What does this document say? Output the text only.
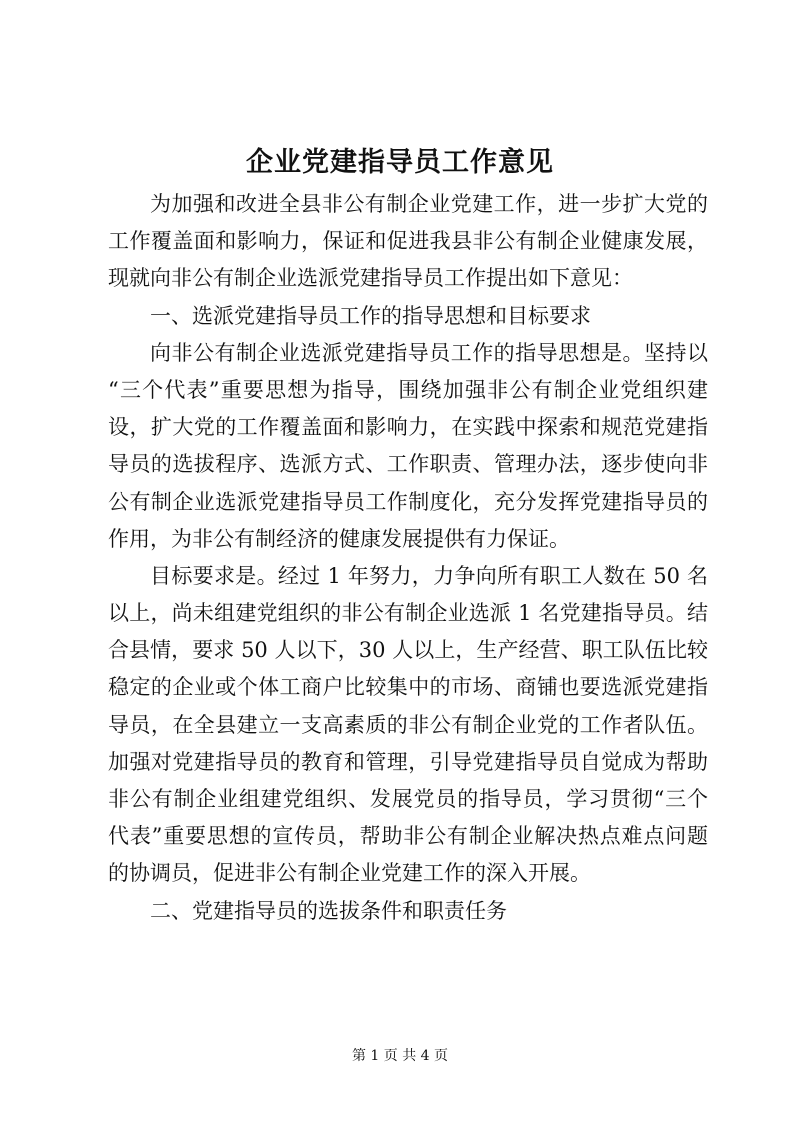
企业党建指导员工作意见
为加强和改进全县非公有制企业党建工作，进一步扩大党的
工作覆盖面和影响力，保证和促进我县非公有制企业健康发展，
现就向非公有制企业选派党建指导员工作提出如下意见：
一、选派党建指导员工作的指导思想和目标要求
向非公有制企业选派党建指导员工作的指导思想是。坚持以
“三个代表”重要思想为指导，围绕加强非公有制企业党组织建
设，扩大党的工作覆盖面和影响力，在实践中探索和规范党建指
导员的选拔程序、选派方式、工作职责、管理办法，逐步使向非
公有制企业选派党建指导员工作制度化，充分发挥党建指导员的
作用，为非公有制经济的健康发展提供有力保证。
目标要求是。经过 1 年努力，力争向所有职工人数在 50 名
以上，尚未组建党组织的非公有制企业选派 1 名党建指导员。结
合县情，要求 50 人以下，30 人以上，生产经营、职工队伍比较
稳定的企业或个体工商户比较集中的市场、商铺也要选派党建指
导员，在全县建立一支高素质的非公有制企业党的工作者队伍。
加强对党建指导员的教育和管理，引导党建指导员自觉成为帮助
非公有制企业组建党组织、发展党员的指导员，学习贯彻“三个
代表”重要思想的宣传员，帮助非公有制企业解决热点难点问题
的协调员，促进非公有制企业党建工作的深入开展。
二、党建指导员的选拔条件和职责任务
第 1 页 共 4 页
